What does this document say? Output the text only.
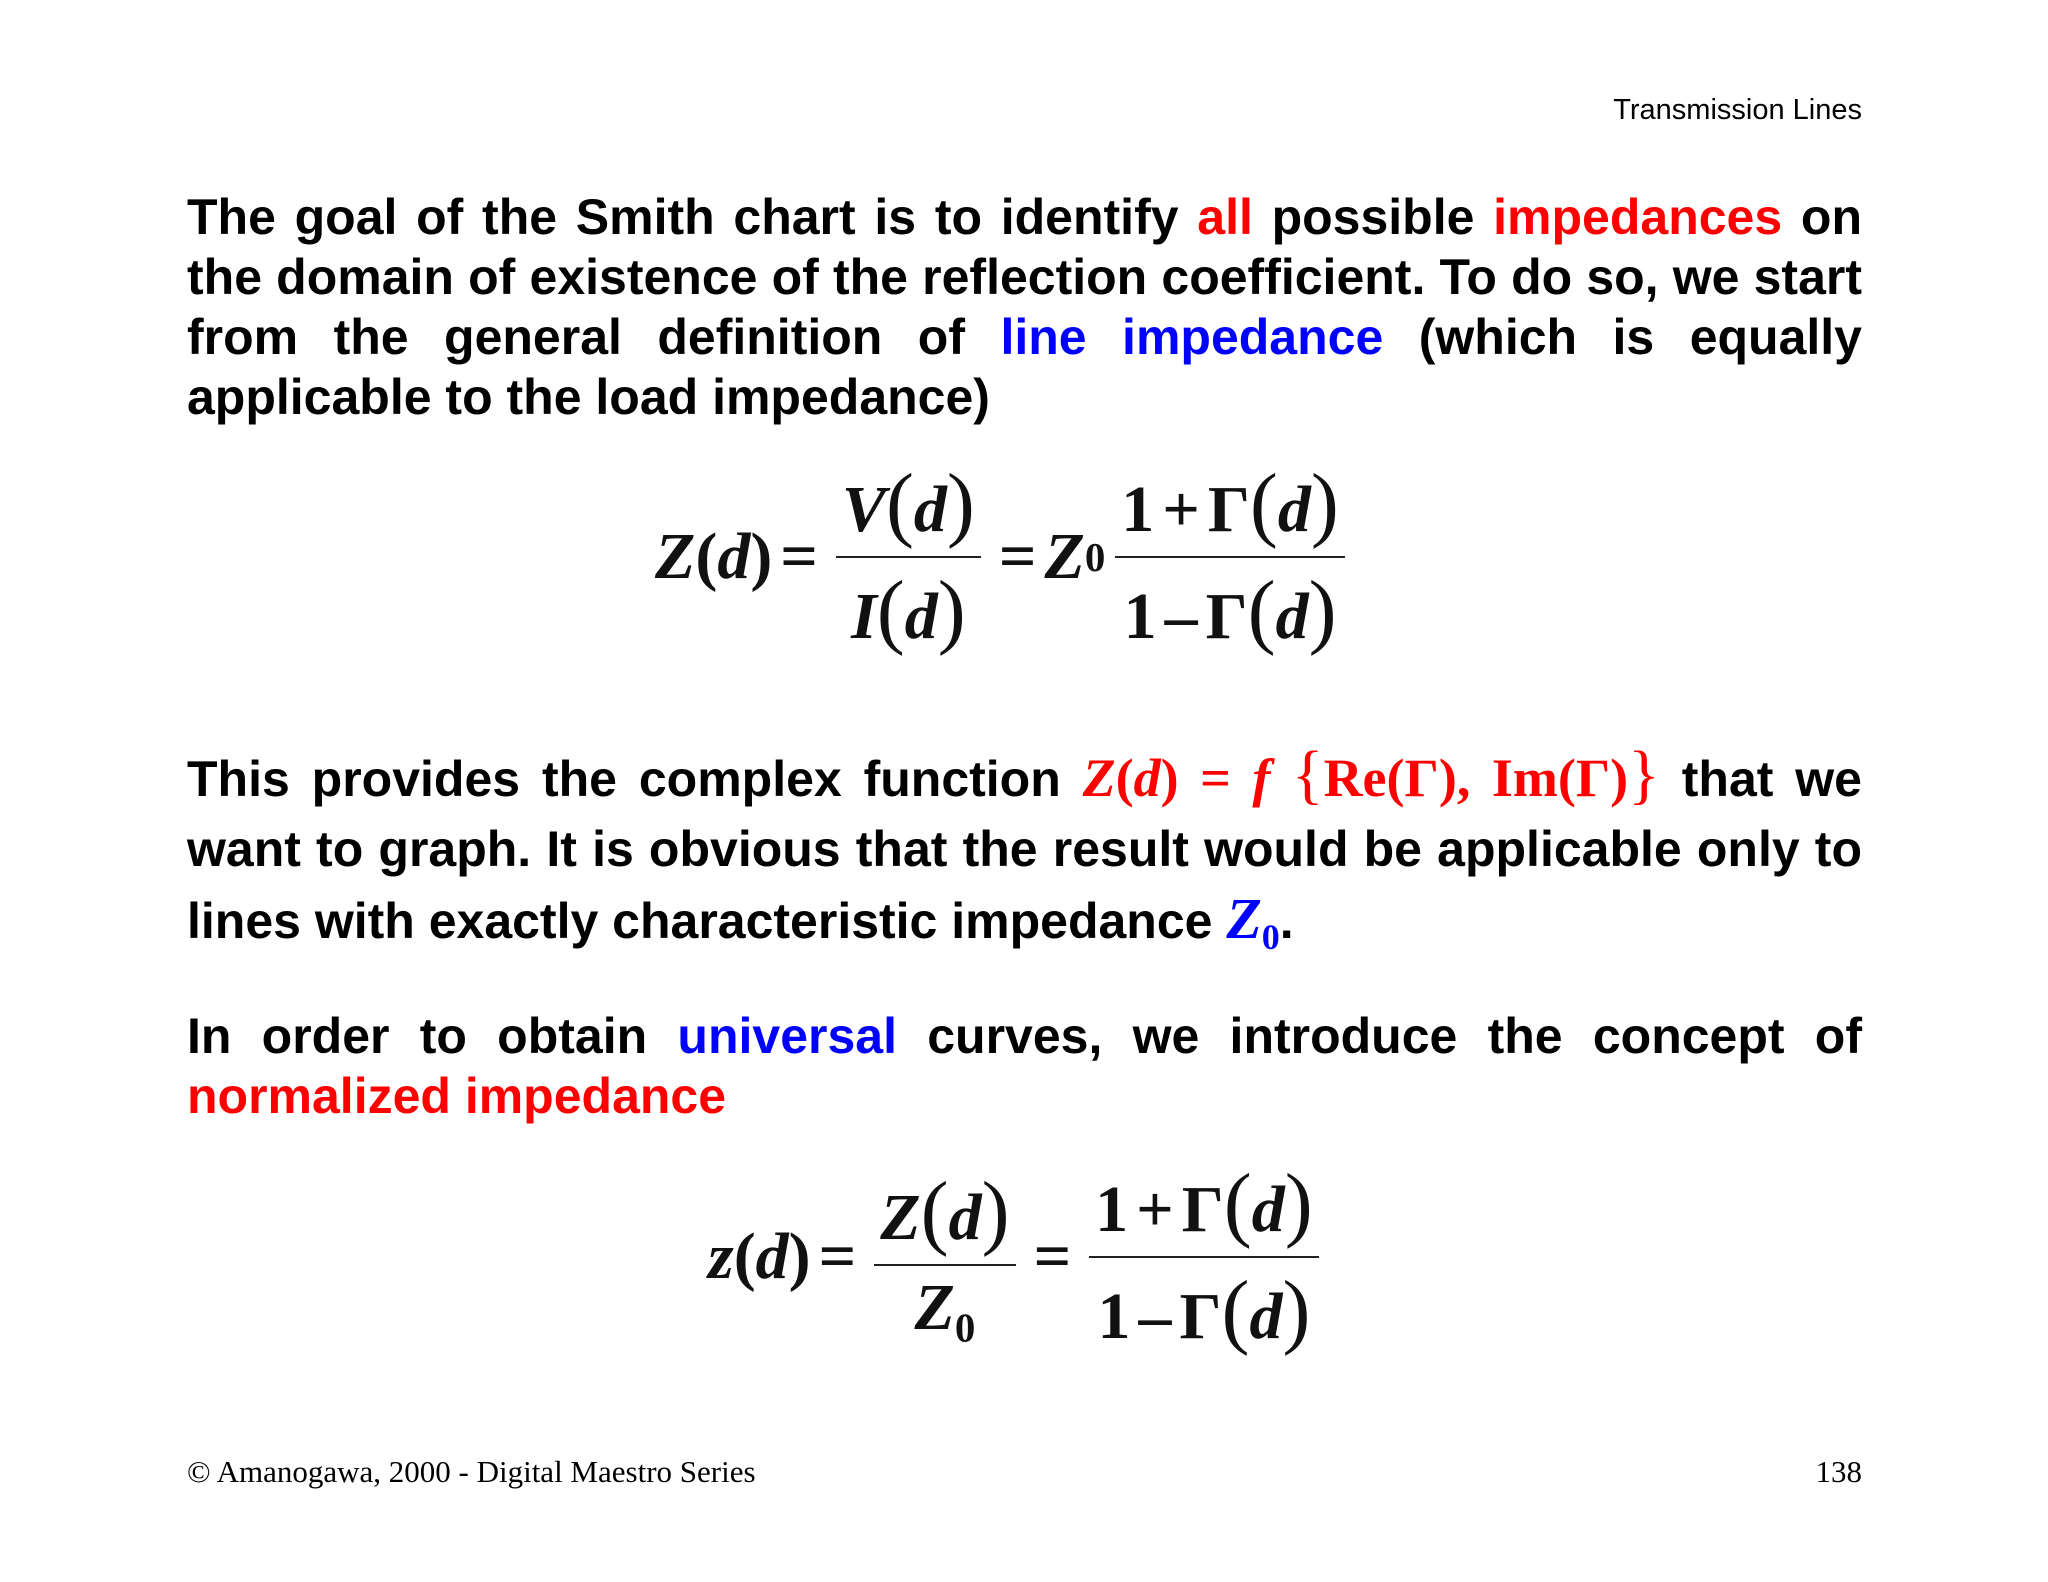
Transmission Lines
The goal of the Smith chart is to identify all possible impedances on the domain of existence of the reflection coefficient. To do so, we start from the general definition of line impedance (which is equally applicable to the load impedance)
Z ( d ) = $\frac{V(d)}{I(d)} = Z$ $0 \frac{1 + \Gamma(d)}{1 - \Gamma(d)}$
This provides the complex function Z(d) = f {Re(Γ), Im(Γ)} that we want to graph. It is obvious that the result would be applicable only to lines with exactly characteristic impedance $Z_0$.
In order to obtain universal curves, we introduce the concept of normalized impedance
z ( d ) = $\frac{Z(d)}{Z_0} = \frac{1 + \Gamma(d)}{1 - \Gamma(d)}$
© Amanogawa, 2000 - Digital Maestro Series	138
